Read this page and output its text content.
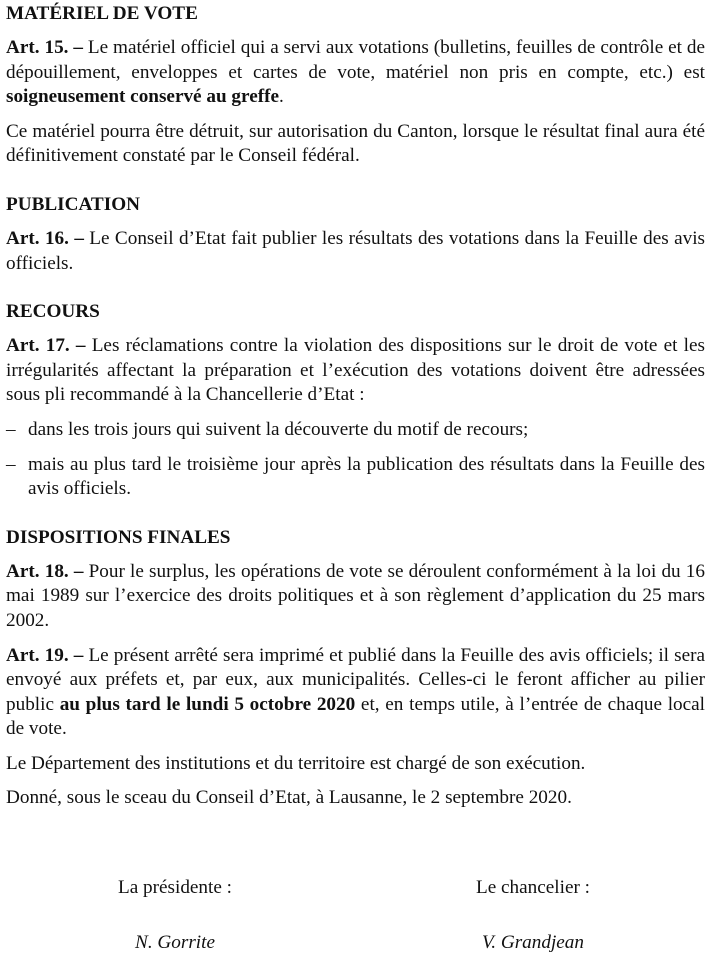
MATÉRIEL DE VOTE

Art. 15. – Le matériel officiel qui a servi aux votations (bulletins, feuilles de contrôle et de dépouillement, enveloppes et cartes de vote, matériel non pris en compte, etc.) est soigneusement conservé au greffe.

Ce matériel pourra être détruit, sur autorisation du Canton, lorsque le résultat final aura été définitivement constaté par le Conseil fédéral.

PUBLICATION

Art. 16. – Le Conseil d’Etat fait publier les résultats des votations dans la Feuille des avis officiels.

RECOURS

Art. 17. – Les réclamations contre la violation des dispositions sur le droit de vote et les irrégularités affectant la préparation et l’exécution des votations doivent être adressées sous pli recommandé à la Chancellerie d’Etat :

– dans les trois jours qui suivent la découverte du motif de recours;
– mais au plus tard le troisième jour après la publication des résultats dans la Feuille des avis officiels.
DISPOSITIONS FINALES

Art. 18. – Pour le surplus, les opérations de vote se déroulent conformément à la loi du 16 mai 1989 sur l’exercice des droits politiques et à son règlement d’application du 25 mars 2002.

Art. 19. – Le présent arrêté sera imprimé et publié dans la Feuille des avis officiels; il sera envoyé aux préfets et, par eux, aux municipalités. Celles-ci le feront afficher au pilier public au plus tard le lundi 5 octobre 2020 et, en temps utile, à l’entrée de chaque local de vote.

Le Département des institutions et du territoire est chargé de son exécution.

Donné, sous le sceau du Conseil d’Etat, à Lausanne, le 2 septembre 2020.

La présidente :
N. Gorrite
Le chancelier :
V. Grandjean
